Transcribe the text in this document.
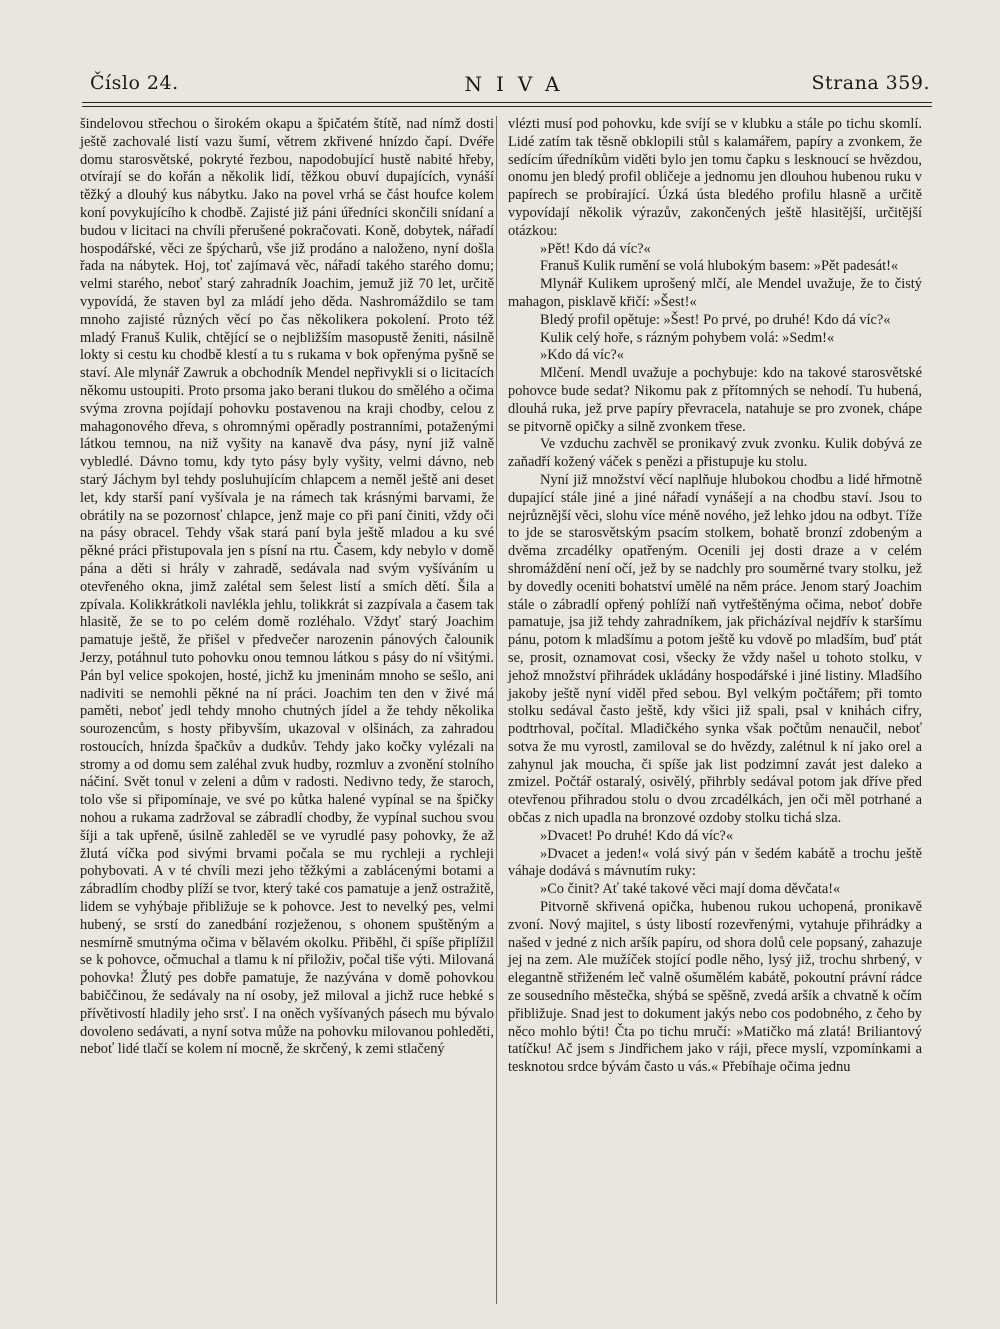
Číslo 24.	NIVA	Strana 359.

šindelovou střechou o širokém okapu a špičatém štítě, nad nímž dosti ještě zachovalé listí vazu šumí, větrem zkřivené hnízdo čapí. Dvéře domu starosvětské, pokryté řezbou, napodobující hustě nabité hřeby, otvírají se do kořán a několik lidí, těžkou obuví dupajících, vynáší těžký a dlouhý kus nábytku. Jako na povel vrhá se část houfce kolem koní povykujícího k chodbě. Zajisté již páni úředníci skončili snídaní a budou v licitaci na chvíli přerušené pokračovati. Koně, dobytek, nářadí hospodářské, věci ze špýcharů, vše již prodáno a naloženo, nyní došla řada na nábytek. Hoj, toť zajímavá věc, nářadí takého starého domu; velmi starého, neboť starý zahradník Joachim, jemuž již 70 let, určitě vypovídá, že staven byl za mládí jeho děda. Nashromáždilo se tam mnoho zajisté různých věcí po čas několikera pokolení. Proto též mladý Franuš Kulik, chtějící se o nejbližším masopustě ženiti, násilně lokty si cestu ku chodbě klestí a tu s rukama v bok opřenýma pyšně se staví. Ale mlynář Zawruk a obchodník Mendel nepřivykli si o licitacích někomu ustoupiti. Proto prsoma jako berani tlukou do smělého a očima svýma zrovna pojídají pohovku postavenou na kraji chodby, celou z mahagonového dřeva, s ohromnými opěradly postranními, potaženými látkou temnou, na niž vyšity na kanavě dva pásy, nyní již valně vybledlé. Dávno tomu, kdy tyto pásy byly vyšity, velmi dávno, neb starý Jáchym byl tehdy posluhujícím chlapcem a neměl ještě ani deset let, kdy starší paní vyšívala je na rámech tak krásnými barvami, že obrátily na se pozornosť chlapce, jenž maje co při paní činiti, vždy oči na pásy obracel. Tehdy však stará paní byla ještě mladou a ku své pěkné práci přistupovala jen s písní na rtu. Časem, kdy nebylo v domě pána a děti si hrály v zahradě, sedávala nad svým vyšíváním u otevřeného okna, jimž zalétal sem šelest listí a smích dětí. Šila a zpívala. Kolikkrátkoli navlékla jehlu, tolikkrát si zazpívala a časem tak hlasitě, že se to po celém domě rozléhalo. Vždyť starý Joachim pamatuje ještě, že přišel v předvečer narozenin pánových čalounik Jerzy, potáhnul tuto pohovku onou temnou látkou s pásy do ní všitými. Pán byl velice spokojen, hosté, jichž ku jmeninám mnoho se sešlo, ani nadiviti se nemohli pěkné na ní práci. Joachim ten den v živé má paměti, neboť jedl tehdy mnoho chutných jídel a že tehdy několika sourozencům, s hosty přibyvším, ukazoval v olšinách, za zahradou rostoucích, hnízda špačkův a dudkův. Tehdy jako kočky vylézali na stromy a od domu sem zaléhal zvuk hudby, rozmluv a zvonění stolního náčiní. Svět tonul v zeleni a dům v radosti. Nedivno tedy, že staroch, tolo vše si připomínaje, ve své po kůtka halené vypínal se na špičky nohou a rukama zadržoval se zábradlí chodby, že vypínal suchou svou šíji a tak upřeně, úsilně zahleděl se ve vyrudlé pasy pohovky, že až žlutá víčka pod sivými brvami počala se mu rychleji a rychleji pohybovati. A v té chvíli mezi jeho těžkými a zablácenými botami a zábradlím chodby plíží se tvor, který také cos pamatuje a jenž ostražitě, lidem se vyhýbaje přibližuje se k pohovce. Jest to nevelký pes, velmi hubený, se srstí do zanedbání rozježenou, s ohonem spuštěným a nesmírně smutnýma očima v bělavém okolku. Přiběhl, či spíše připlížil se k pohovce, očmuchal a tlamu k ní přiloživ, počal tiše výti. Milovaná pohovka! Žlutý pes dobře pamatuje, že nazývána v domě pohovkou babiččinou, že sedávaly na ní osoby, jež miloval a jichž ruce hebké s přívětivostí hladily jeho srsť. I na oněch vyšívaných pásech mu bývalo dovoleno sedávati, a nyní sotva může na pohovku milovanou pohleděti, neboť lidé tlačí se kolem ní mocně, že skrčený, k zemi stlačený

vlézti musí pod pohovku, kde svíjí se v klubku a stále po tichu skomlí. Lidé zatím tak těsně obklopili stůl s kalamářem, papíry a zvonkem, že sedícím úředníkům viděti bylo jen tomu čapku s lesknoucí se hvězdou, onomu jen bledý profil obličeje a jednomu jen dlouhou hubenou ruku v papírech se probírající. Úzká ústa bledého profilu hlasně a určitě vypovídají několik výrazův, zakončených ještě hlasitější, určitější otázkou:

»Pět! Kdo dá víc?«

Franuš Kulik rumění se volá hlubokým basem: »Pět padesát!«

Mlynář Kulikem uprošený mlčí, ale Mendel uvažuje, že to čistý mahagon, pisklavě křičí: »Šest!«

Bledý profil opětuje: »Šest! Po prvé, po druhé! Kdo dá víc?«

Kulik celý hoře, s rázným pohybem volá: »Sedm!«

»Kdo dá víc?«

Mlčení. Mendl uvažuje a pochybuje: kdo na takové starosvětské pohovce bude sedat? Nikomu pak z přítomných se nehodí. Tu hubená, dlouhá ruka, jež prve papíry převracela, natahuje se pro zvonek, chápe se pitvorně opičky a silně zvonkem třese.

Ve vzduchu zachvěl se pronikavý zvuk zvonku. Kulik dobývá ze zaňadří kožený váček s penězi a přistupuje ku stolu.

Nyní již množství věcí naplňuje hlubokou chodbu a lidé hřmotně dupající stále jiné a jiné nářadí vynášejí a na chodbu staví. Jsou to nejrůznější věci, slohu více méně nového, jež lehko jdou na odbyt. Tíže to jde se starosvětským psacím stolkem, bohatě bronzí zdobeným a dvěma zrcadélky opatřeným. Ocenili jej dosti draze a v celém shromáždění není očí, jež by se nadchly pro souměrné tvary stolku, jež by dovedly oceniti bohatství umělé na něm práce. Jenom starý Joachim stále o zábradlí opřený pohlíží naň vytřeštěnýma očima, neboť dobře pamatuje, jsa již tehdy zahradníkem, jak přicházíval nejdřív k staršímu pánu, potom k mladšímu a potom ještě ku vdově po mladším, buď ptát se, prosit, oznamovat cosi, všecky že vždy našel u tohoto stolku, v jehož množství přihrádek ukládány hospodářské i jiné listiny. Mladšího jakoby ještě nyní viděl před sebou. Byl velkým počtářem; při tomto stolku sedával často ještě, kdy všici již spali, psal v knihách cifry, podtrhoval, počítal. Mladičkého synka však počtům nenaučil, neboť sotva že mu vyrostl, zamiloval se do hvězdy, zalétnul k ní jako orel a zahynul jak moucha, či spíše jak list podzimní zavát jest daleko a zmizel. Počtář ostaralý, osivělý, přihrbly sedával potom jak dříve před otevřenou přihradou stolu o dvou zrcadélkách, jen oči měl potrhané a občas z nich upadla na bronzové ozdoby stolku tichá slza.

»Dvacet! Po druhé! Kdo dá víc?«

»Dvacet a jeden!« volá sivý pán v šedém kabátě a trochu ještě váhaje dodává s mávnutím ruky:

»Co činit? Ať také takové věci mají doma děvčata!«

Pitvorně skřivená opička, hubenou rukou uchopená, pronikavě zvoní. Nový majitel, s ústy libostí rozevřenými, vytahuje přihrádky a našed v jedné z nich aršík papíru, od shora dolů cele popsaný, zahazuje jej na zem. Ale mužíček stojící podle něho, lysý již, trochu shrbený, v elegantně střiženém leč valně ošumělém kabátě, pokoutní právní rádce ze sousedního městečka, shýbá se spěšně, zvedá aršík a chvatně k očím přibližuje. Snad jest to dokument jakýs nebo cos podobného, z čeho by něco mohlo býti! Čta po tichu mručí: »Matičko má zlatá! Briliantový tatíčku! Ač jsem s Jindřichem jako v ráji, přece myslí, vzpomínkami a tesknotou srdce bývám často u vás.« Přebíhaje očima jednu
